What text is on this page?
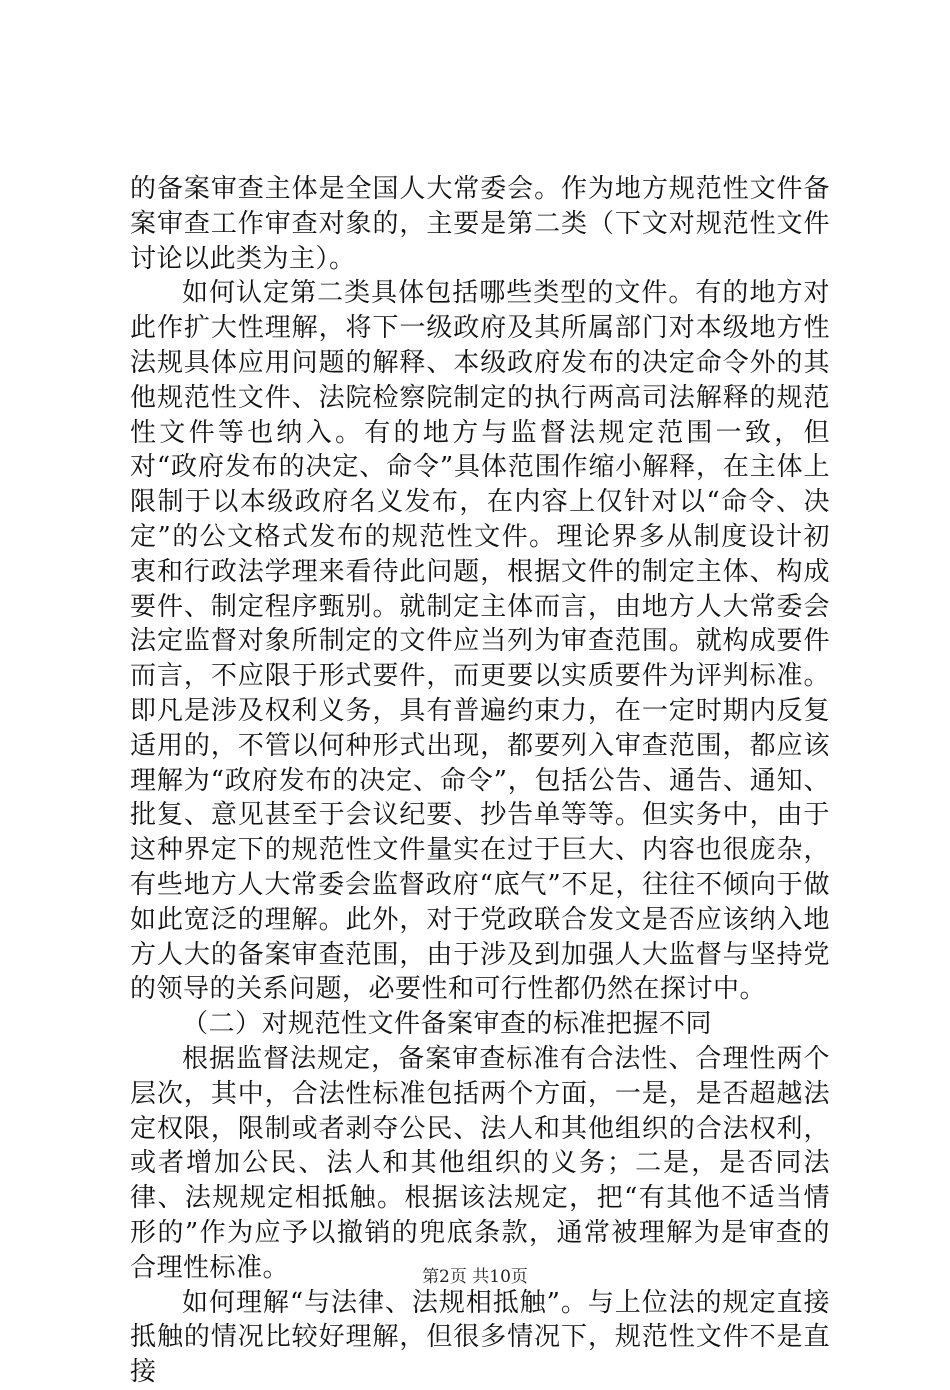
的备案审查主体是全国人大常委会。作为地方规范性文件备案审查工作审查对象的，主要是第二类（下文对规范性文件讨论以此类为主）。

如何认定第二类具体包括哪些类型的文件。有的地方对此作扩大性理解，将下一级政府及其所属部门对本级地方性法规具体应用问题的解释、本级政府发布的决定命令外的其他规范性文件、法院检察院制定的执行两高司法解释的规范性文件等也纳入。有的地方与监督法规定范围一致，但对“政府发布的决定、命令”具体范围作缩小解释，在主体上限制于以本级政府名义发布，在内容上仅针对以“命令、决定”的公文格式发布的规范性文件。理论界多从制度设计初衷和行政法学理来看待此问题，根据文件的制定主体、构成要件、制定程序甄别。就制定主体而言，由地方人大常委会法定监督对象所制定的文件应当列为审查范围。就构成要件而言，不应限于形式要件，而更要以实质要件为评判标准。即凡是涉及权利义务，具有普遍约束力，在一定时期内反复适用的，不管以何种形式出现，都要列入审查范围，都应该理解为“政府发布的决定、命令”，包括公告、通告、通知、批复、意见甚至于会议纪要、抄告单等等。但实务中，由于这种界定下的规范性文件量实在过于巨大、内容也很庞杂，有些地方人大常委会监督政府“底气”不足，往往不倾向于做如此宽泛的理解。此外，对于党政联合发文是否应该纳入地方人大的备案审查范围，由于涉及到加强人大监督与坚持党的领导的关系问题，必要性和可行性都仍然在探讨中。

（二）对规范性文件备案审查的标准把握不同

根据监督法规定，备案审查标准有合法性、合理性两个层次，其中，合法性标准包括两个方面，一是，是否超越法定权限，限制或者剥夺公民、法人和其他组织的合法权利，或者增加公民、法人和其他组织的义务；二是，是否同法律、法规规定相抵触。根据该法规定，把“有其他不适当情形的”作为应予以撤销的兜底条款，通常被理解为是审查的合理性标准。

如何理解“与法律、法规相抵触”。与上位法的规定直接抵触的情况比较好理解，但很多情况下，规范性文件不是直接

第2页 共10页
